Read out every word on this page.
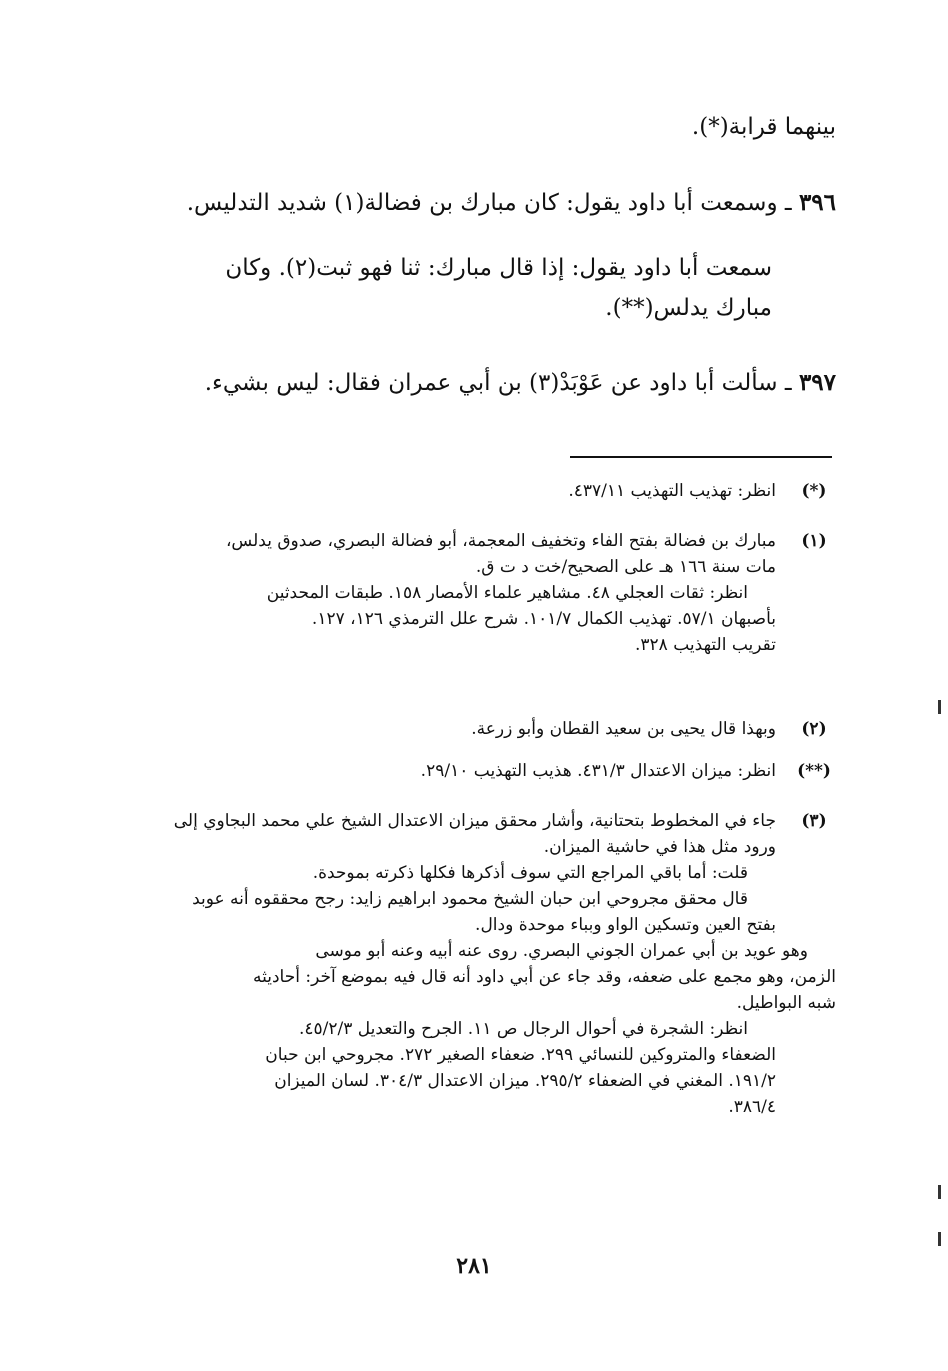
بينهما قرابة(*).
٣٩٦ ـ وسمعت أبا داود يقول: كان مبارك بن فضالة(١) شديد التدليس.
سمعت أبا داود يقول: إذا قال مبارك: ثنا فهو ثبت(٢). وكان
مبارك يدلس(**).
٣٩٧ ـ سألت أبا داود عن عَوْبَدْ(٣) بن أبي عمران فقال: ليس بشيء.
(*)
انظر: تهذيب التهذيب ٤٣٧/١١.
(١)
مبارك بن فضالة بفتح الفاء وتخفيف المعجمة، أبو فضالة البصري، صدوق يدلس،
مات سنة ١٦٦ هـ على الصحيح/خت د ت ق.
انظر: ثقات العجلي ٤٨. مشاهير علماء الأمصار ١٥٨. طبقات المحدثين
بأصبهان ٥٧/١. تهذيب الكمال ١٠١/٧. شرح علل الترمذي ١٢٦، ١٢٧.
تقريب التهذيب ٣٢٨.
(٢)
وبهذا قال يحيى بن سعيد القطان وأبو زرعة.
(**)
انظر: ميزان الاعتدال ٤٣١/٣. هذيب التهذيب ٢٩/١٠.
(٣)
جاء في المخطوط بتحتانية، وأشار محقق ميزان الاعتدال الشيخ علي محمد البجاوي إلى
ورود مثل هذا في حاشية الميزان.
قلت: أما باقي المراجع التي سوف أذكرها فكلها ذكرته بموحدة.
قال محقق مجروحي ابن حبان الشيخ محمود ابراهيم زايد: رجح محققوه أنه عوبد
بفتح العين وتسكين الواو وبباء موحدة ودال.
وهو عويد بن أبي عمران الجوني البصري. روى عنه أبيه وعنه أبو موسى
الزمن، وهو مجمع على ضعفه، وقد جاء عن أبي داود أنه قال فيه بموضع آخر: أحاديثه
شبه البواطيل.
انظر: الشجرة في أحوال الرجال ص ١١. الجرح والتعديل ٤٥/٢/٣.
الضعفاء والمتروكين للنسائي ٢٩٩. ضعفاء الصغير ٢٧٢. مجروحي ابن حبان
١٩١/٢. المغني في الضعفاء ٢٩٥/٢. ميزان الاعتدال ٣٠٤/٣. لسان الميزان
٣٨٦/٤.
٢٨١
